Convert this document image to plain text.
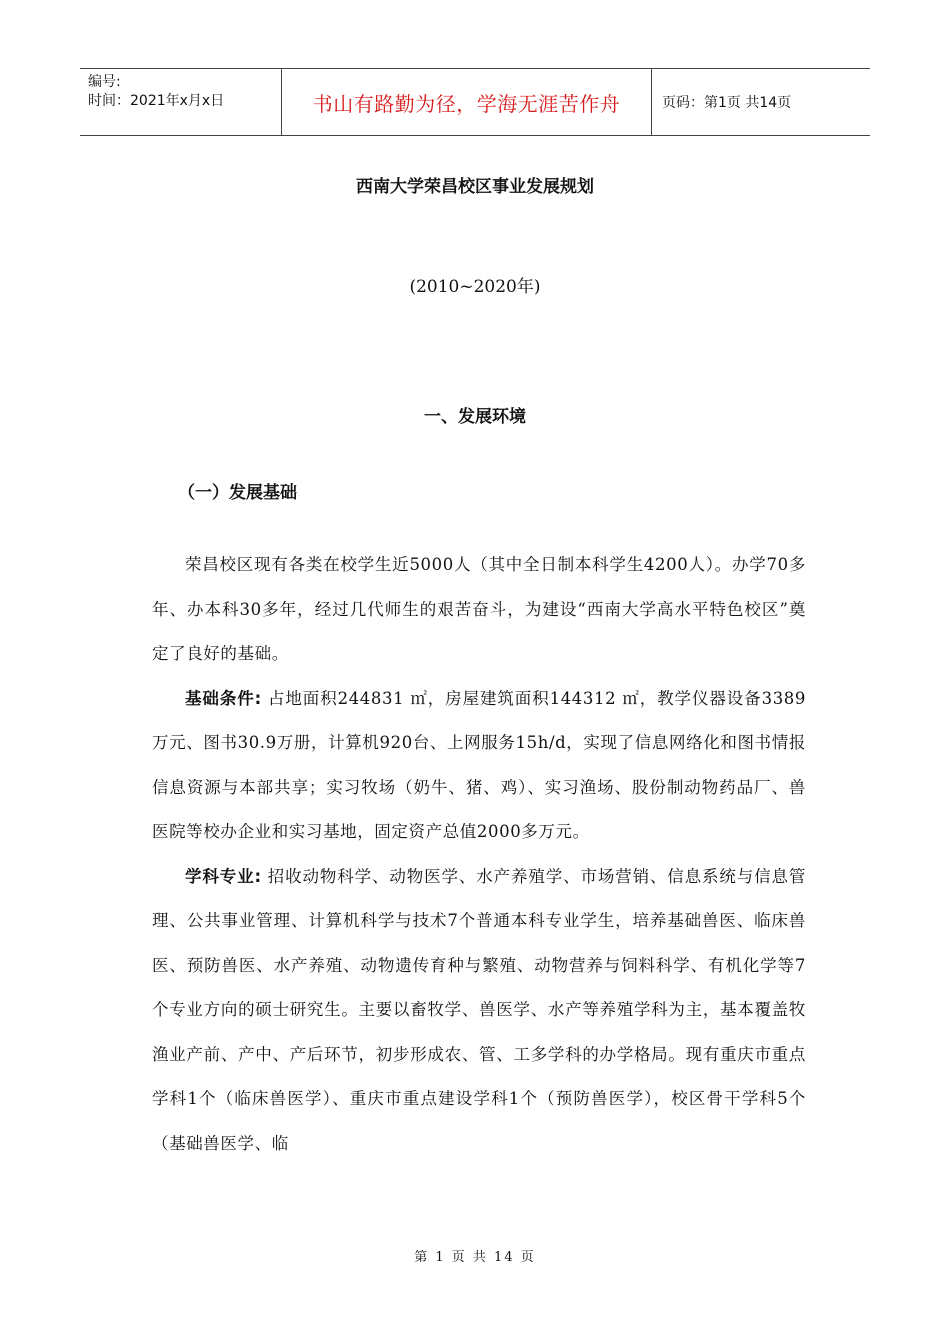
编号:
时间：2021年x月x日	书山有路勤为径，学海无涯苦作舟	页码：第1页 共14页
西南大学荣昌校区事业发展规划
(2010~2020年)
一、发展环境
（一）发展基础

荣昌校区现有各类在校学生近5000人（其中全日制本科学生4200人）。办学70多年、办本科30多年，经过几代师生的艰苦奋斗，为建设“西南大学高水平特色校区”奠定了良好的基础。

基础条件: 占地面积244831 ㎡，房屋建筑面积144312 ㎡，教学仪器设备3389万元、图书30.9万册，计算机920台、上网服务15h/d，实现了信息网络化和图书情报信息资源与本部共享；实习牧场（奶牛、猪、鸡）、实习渔场、股份制动物药品厂、兽医院等校办企业和实习基地，固定资产总值2000多万元。

学科专业: 招收动物科学、动物医学、水产养殖学、市场营销、信息系统与信息管理、公共事业管理、计算机科学与技术7个普通本科专业学生，培养基础兽医、临床兽医、预防兽医、水产养殖、动物遗传育种与繁殖、动物营养与饲料科学、有机化学等7个专业方向的硕士研究生。主要以畜牧学、兽医学、水产等养殖学科为主，基本覆盖牧渔业产前、产中、产后环节，初步形成农、管、工多学科的办学格局。现有重庆市重点学科1个（临床兽医学）、重庆市重点建设学科1个（预防兽医学），校区骨干学科5个（基础兽医学、临

第 1 页 共 14 页
